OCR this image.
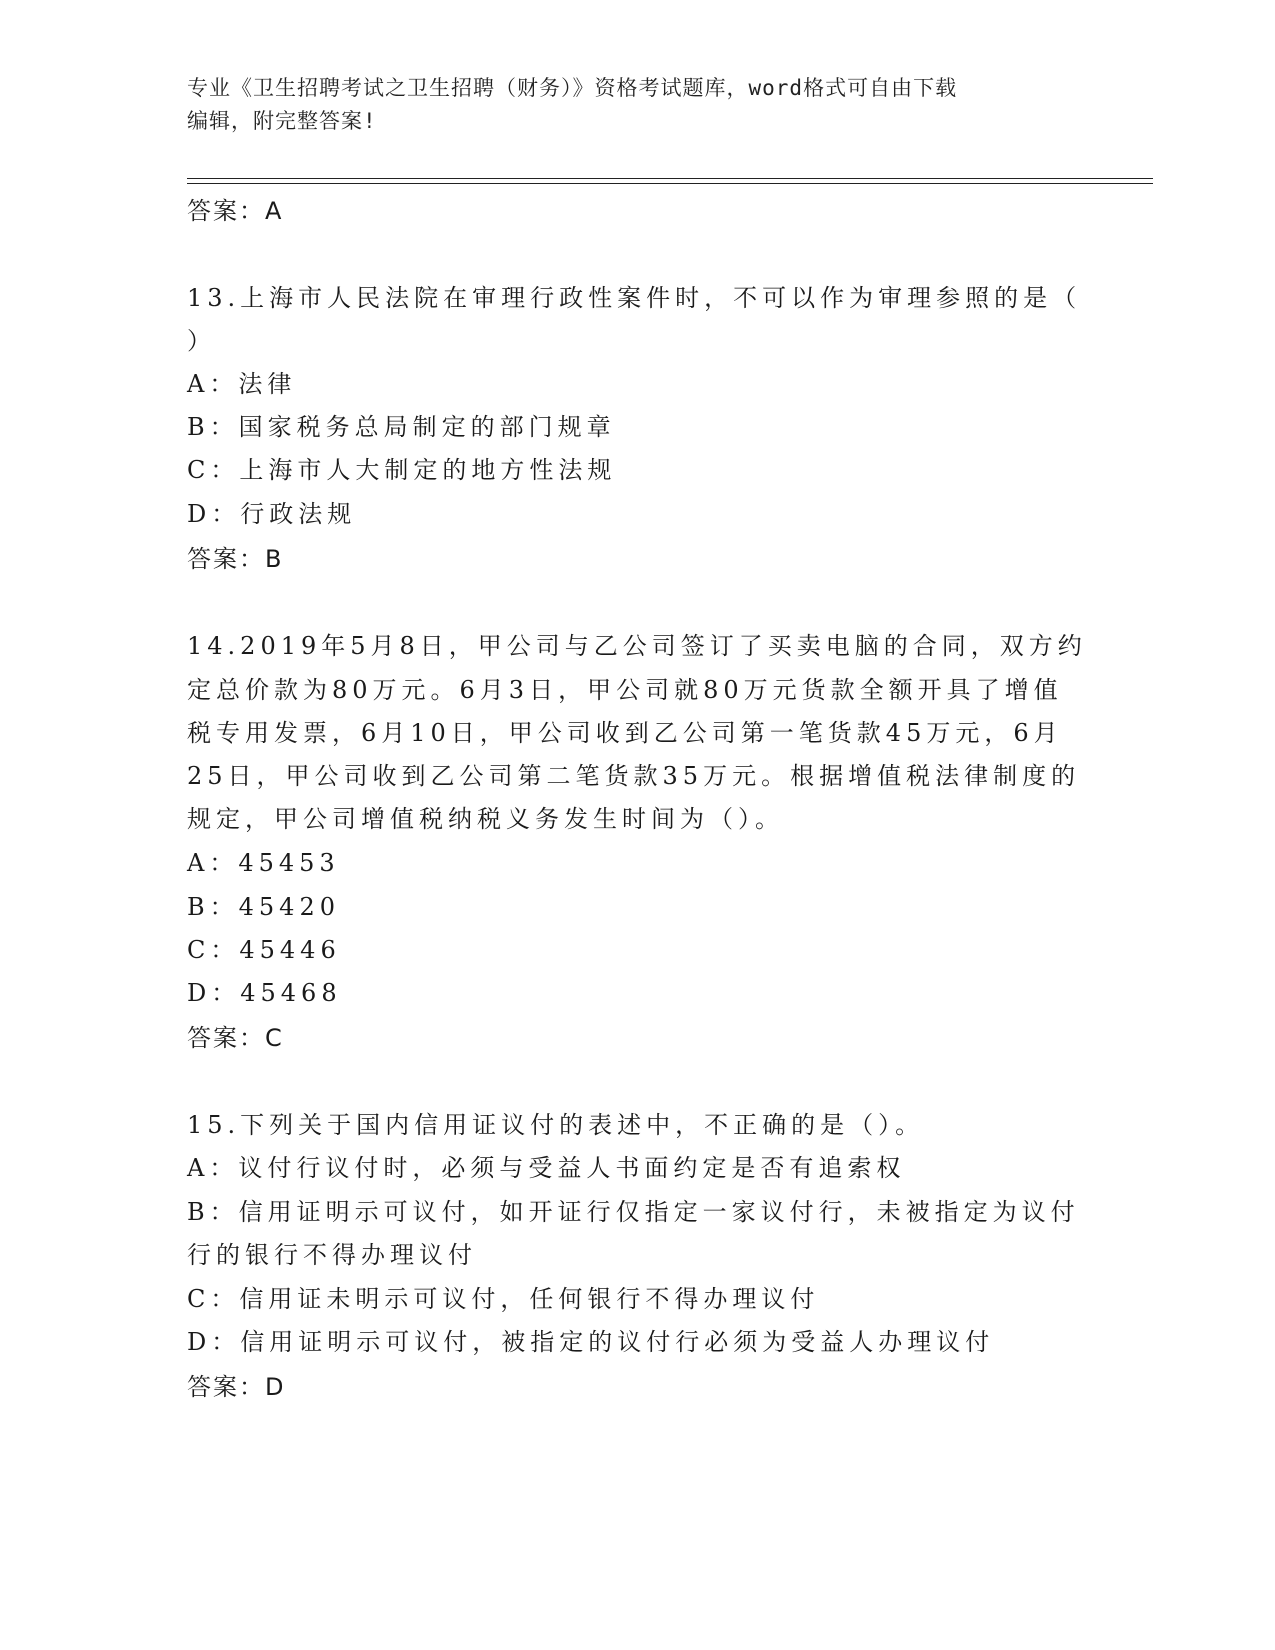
专业《卫生招聘考试之卫生招聘（财务）》资格考试题库，word格式可自由下载
编辑，附完整答案!
答案：A
13.上海市人民法院在审理行政性案件时，不可以作为审理参照的是（
）
A：法律
B：国家税务总局制定的部门规章
C：上海市人大制定的地方性法规
D：行政法规
答案：B
14.2019年5月8日，甲公司与乙公司签订了买卖电脑的合同，双方约
定总价款为80万元。6月3日，甲公司就80万元货款全额开具了增值
税专用发票，6月10日，甲公司收到乙公司第一笔货款45万元，6月
25日，甲公司收到乙公司第二笔货款35万元。根据增值税法律制度的
规定，甲公司增值税纳税义务发生时间为（）。
A：45453
B：45420
C：45446
D：45468
答案：C
15.下列关于国内信用证议付的表述中，不正确的是（）。
A：议付行议付时，必须与受益人书面约定是否有追索权
B：信用证明示可议付，如开证行仅指定一家议付行，未被指定为议付
行的银行不得办理议付
C：信用证未明示可议付，任何银行不得办理议付
D：信用证明示可议付，被指定的议付行必须为受益人办理议付
答案：D
